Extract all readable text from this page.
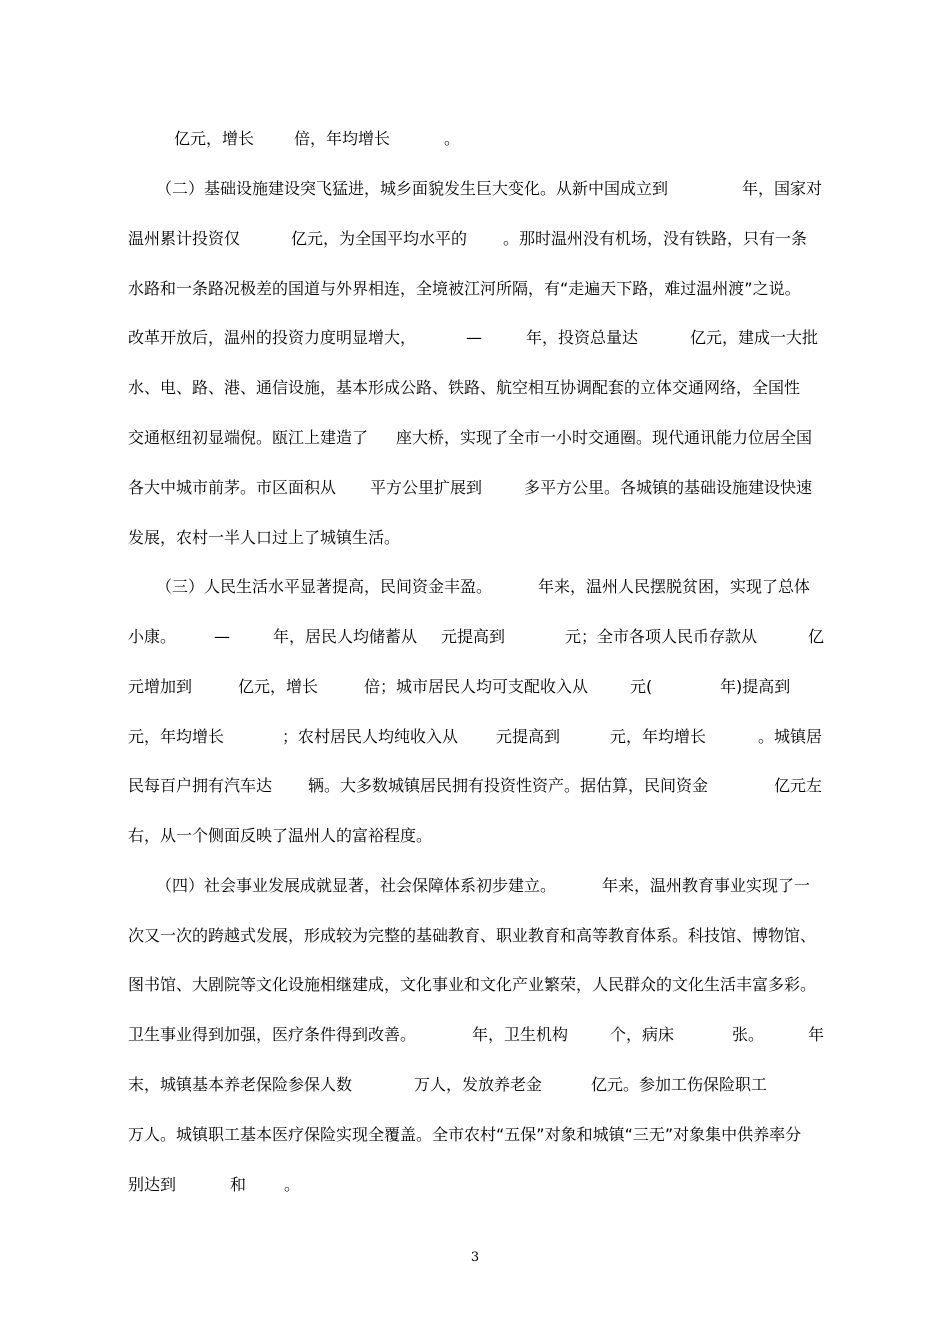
亿元，增长

倍，年均增长

	。

（二）基础设施建设突飞猛进，城乡面貌发生巨大变化。从新中国成立到

	年，国家对

温州累计投资仅

	亿元，为全国平均水平的

。那时温州没有机场，没有铁路，只有一条

水路和一条路况极差的国道与外界相连，全境被江河所隔，有“走遍天下路，难过温州渡”之说。

改革开放后，温州的投资力度明显增大，

	—

	年，投资总量达

	亿元，建成一大批

水、电、路、港、通信设施，基本形成公路、铁路、航空相互协调配套的立体交通网络，全国性

交通枢纽初显端倪。瓯江上建造了

座大桥，实现了全市一小时交通圈。现代通讯能力位居全国

各大中城市前茅。市区面积从

平方公里扩展到

	多平方公里。各城镇的基础设施建设快速

发展，农村一半人口过上了城镇生活。

（三）人民生活水平显著提高，民间资金丰盈。

	年来，温州人民摆脱贫困，实现了总体

小康。

—

	年，居民人均储蓄从

元提高到

	元；全市各项人民币存款从

	亿

元增加到

	亿元，增长

	倍；城市居民人均可支配收入从

	元(

	年)提高到

元，年均增长

	；农村居民人均纯收入从

元提高到

	元，年均增长

	。城镇居

民每百户拥有汽车达

辆。大多数城镇居民拥有投资性资产。据估算，民间资金

	亿元左

右，从一个侧面反映了温州人的富裕程度。

（四）社会事业发展成就显著，社会保障体系初步建立。

	年来，温州教育事业实现了一

次又一次的跨越式发展，形成较为完整的基础教育、职业教育和高等教育体系。科技馆、博物馆、

图书馆、大剧院等文化设施相继建成，文化事业和文化产业繁荣，人民群众的文化生活丰富多彩。

卫生事业得到加强，医疗条件得到改善。

	年，卫生机构

	个，病床

	张。

	年

末，城镇基本养老保险参保人数

	万人，发放养老金

	亿元。参加工伤保险职工

万人。城镇职工基本医疗保险实现全覆盖。全市农村“五保”对象和城镇“三无”对象集中供养率分

别达到

	和

。

3
